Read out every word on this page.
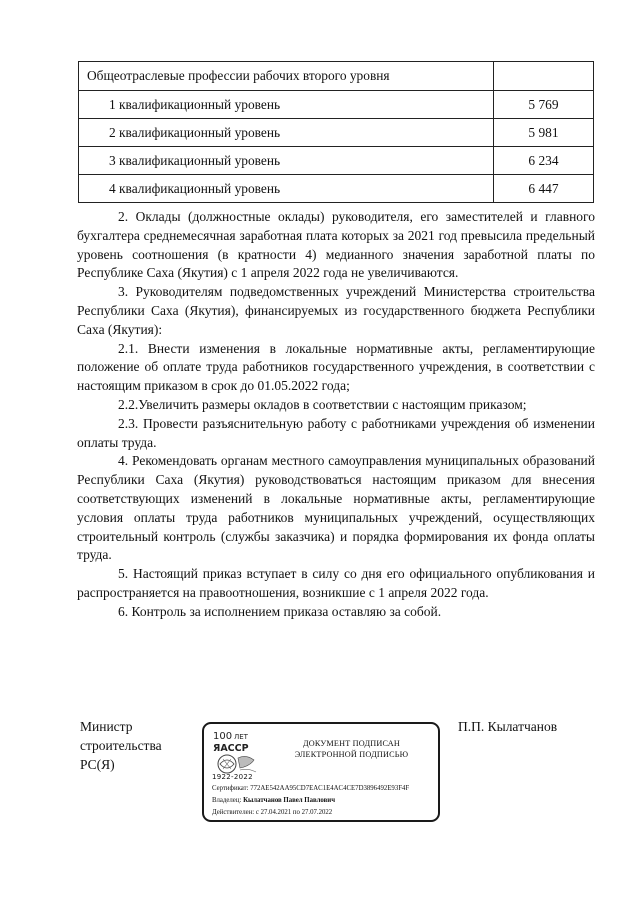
Общеотраслевые профессии рабочих второго уровня	
1 квалификационный уровень	5 769
2 квалификационный уровень	5 981
3 квалификационный уровень	6 234
4 квалификационный уровень	6 447

2. Оклады (должностные оклады) руководителя, его заместителей и главного бухгалтера среднемесячная заработная плата которых за 2021 год превысила предельный уровень соотношения (в кратности 4) медианного значения заработной платы по Республике Саха (Якутия) с 1 апреля 2022 года не увеличиваются.

3. Руководителям подведомственных учреждений Министерства строительства Республики Саха (Якутия), финансируемых из государственного бюджета Республики Саха (Якутия):

2.1. Внести изменения в локальные нормативные акты, регламентирующие положение об оплате труда работников государственного учреждения, в соответствии с настоящим приказом в срок до 01.05.2022 года;

2.2.Увеличить размеры окладов в соответствии с настоящим приказом;

2.3. Провести разъяснительную работу с работниками учреждения об изменении оплаты труда.

4. Рекомендовать органам местного самоуправления муниципальных образований Республики Саха (Якутия) руководствоваться настоящим приказом для внесения соответствующих изменений в локальные нормативные акты, регламентирующие условия оплаты труда работников муниципальных учреждений, осуществляющих строительный контроль (службы заказчика) и порядка формирования их фонда оплаты труда.

5. Настоящий приказ вступает в силу со дня его официального опубликования и распространяется на правоотношения, возникшие с 1 апреля 2022 года.

6. Контроль за исполнением приказа оставляю за собой.

Министр
строительства
РС(Я)
100 ЛЕТ
ЯАССР
1922-2022
ДОКУМЕНТ ПОДПИСАН
ЭЛЕКТРОННОЙ ПОДПИСЬЮ
Сертификат: 772AE542AA95CD7EAC1E4AC4CE7D3896492E93F4F
Владелец: Кылатчанов Павел Павлович
Действителен: с 27.04.2021 по 27.07.2022
П.П. Кылатчанов
